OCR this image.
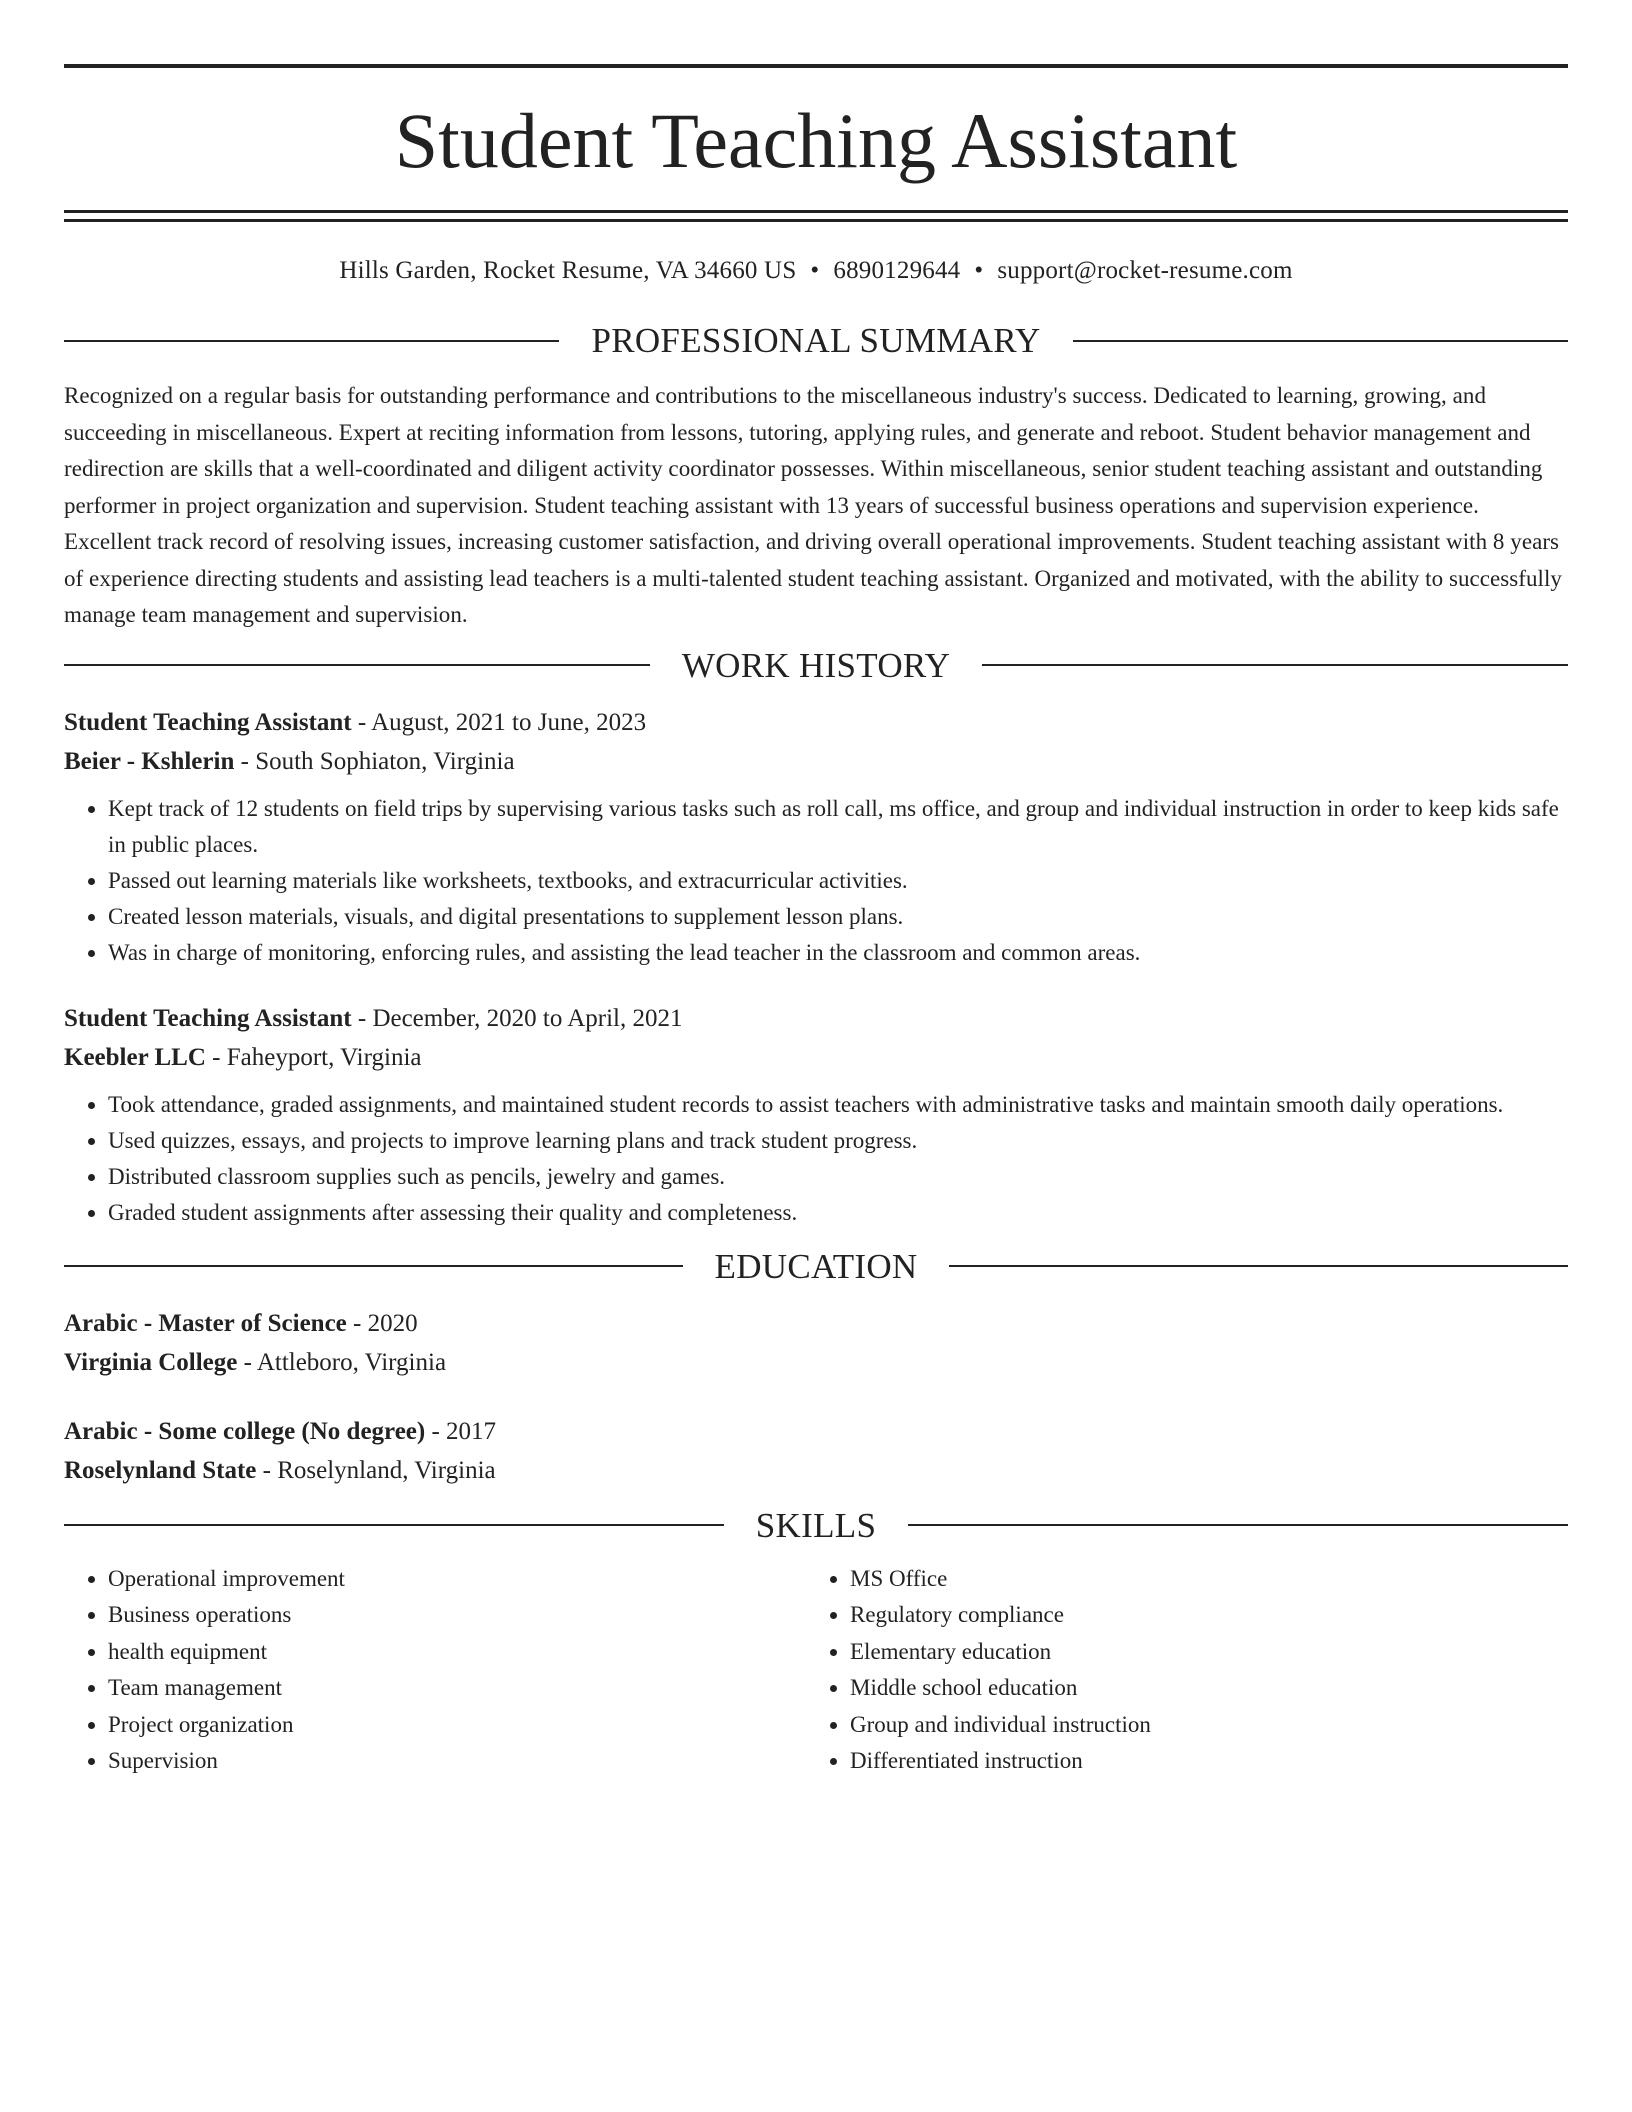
Student Teaching Assistant
Hills Garden, Rocket Resume, VA 34660 US • 6890129644 • support@rocket-resume.com
PROFESSIONAL SUMMARY
Recognized on a regular basis for outstanding performance and contributions to the miscellaneous industry's success. Dedicated to learning, growing, and succeeding in miscellaneous. Expert at reciting information from lessons, tutoring, applying rules, and generate and reboot. Student behavior management and redirection are skills that a well-coordinated and diligent activity coordinator possesses. Within miscellaneous, senior student teaching assistant and outstanding performer in project organization and supervision. Student teaching assistant with 13 years of successful business operations and supervision experience. Excellent track record of resolving issues, increasing customer satisfaction, and driving overall operational improvements. Student teaching assistant with 8 years of experience directing students and assisting lead teachers is a multi-talented student teaching assistant. Organized and motivated, with the ability to successfully manage team management and supervision.
WORK HISTORY
Student Teaching Assistant - August, 2021 to June, 2023
Beier - Kshlerin - South Sophiaton, Virginia
• Kept track of 12 students on field trips by supervising various tasks such as roll call, ms office, and group and individual instruction in order to keep kids safe in public places.
• Passed out learning materials like worksheets, textbooks, and extracurricular activities.
• Created lesson materials, visuals, and digital presentations to supplement lesson plans.
• Was in charge of monitoring, enforcing rules, and assisting the lead teacher in the classroom and common areas.
Student Teaching Assistant - December, 2020 to April, 2021
Keebler LLC - Faheyport, Virginia
• Took attendance, graded assignments, and maintained student records to assist teachers with administrative tasks and maintain smooth daily operations.
• Used quizzes, essays, and projects to improve learning plans and track student progress.
• Distributed classroom supplies such as pencils, jewelry and games.
• Graded student assignments after assessing their quality and completeness.
EDUCATION
Arabic - Master of Science - 2020
Virginia College - Attleboro, Virginia
Arabic - Some college (No degree) - 2017
Roselynland State - Roselynland, Virginia
SKILLS
• Operational improvement
• Business operations
• health equipment
• Team management
• Project organization
• Supervision
• MS Office
• Regulatory compliance
• Elementary education
• Middle school education
• Group and individual instruction
• Differentiated instruction
